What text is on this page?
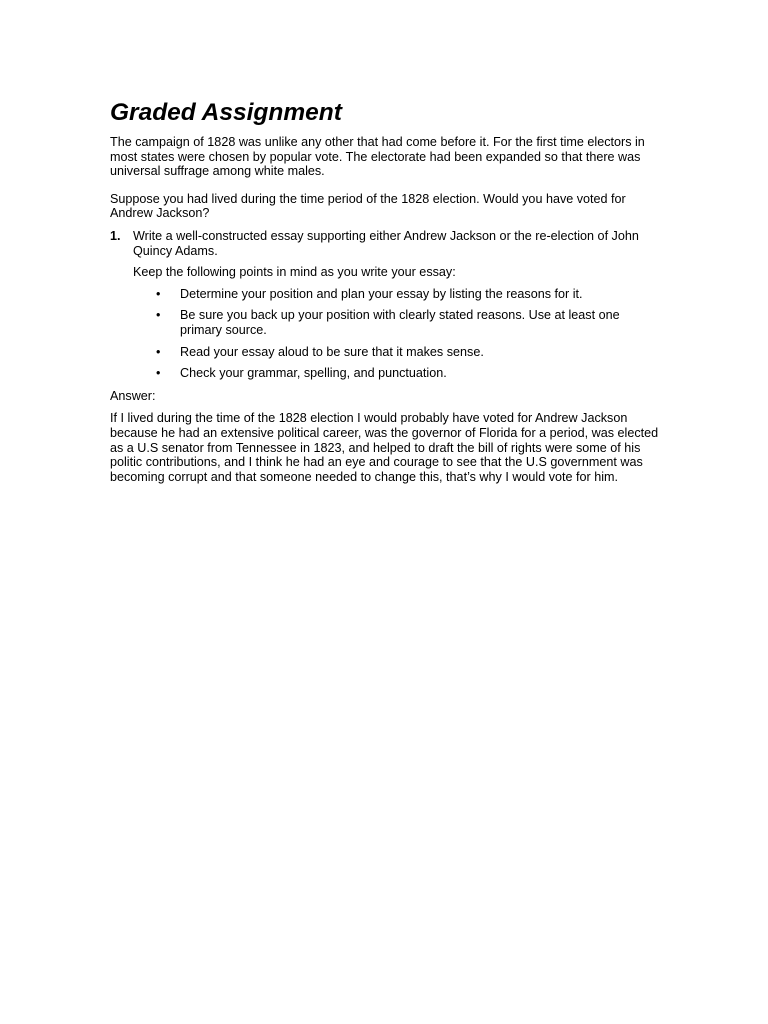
Graded Assignment

The campaign of 1828 was unlike any other that had come before it. For the first time electors in most states were chosen by popular vote. The electorate had been expanded so that there was universal suffrage among white males.

Suppose you had lived during the time period of the 1828 election. Would you have voted for Andrew Jackson?

1. Write a well-constructed essay supporting either Andrew Jackson or the re-election of John Quincy Adams.
Keep the following points in mind as you write your essay:
• Determine your position and plan your essay by listing the reasons for it.
• Be sure you back up your position with clearly stated reasons. Use at least one primary source.
• Read your essay aloud to be sure that it makes sense.
• Check your grammar, spelling, and punctuation.

Answer:

If I lived during the time of the 1828 election I would probably have voted for Andrew Jackson because he had an extensive political career, was the governor of Florida for a period, was elected as a U.S senator from Tennessee in 1823, and helped to draft the bill of rights were some of his politic contributions, and I think he had an eye and courage to see that the U.S government was becoming corrupt and that someone needed to change this, that’s why I would vote for him.
